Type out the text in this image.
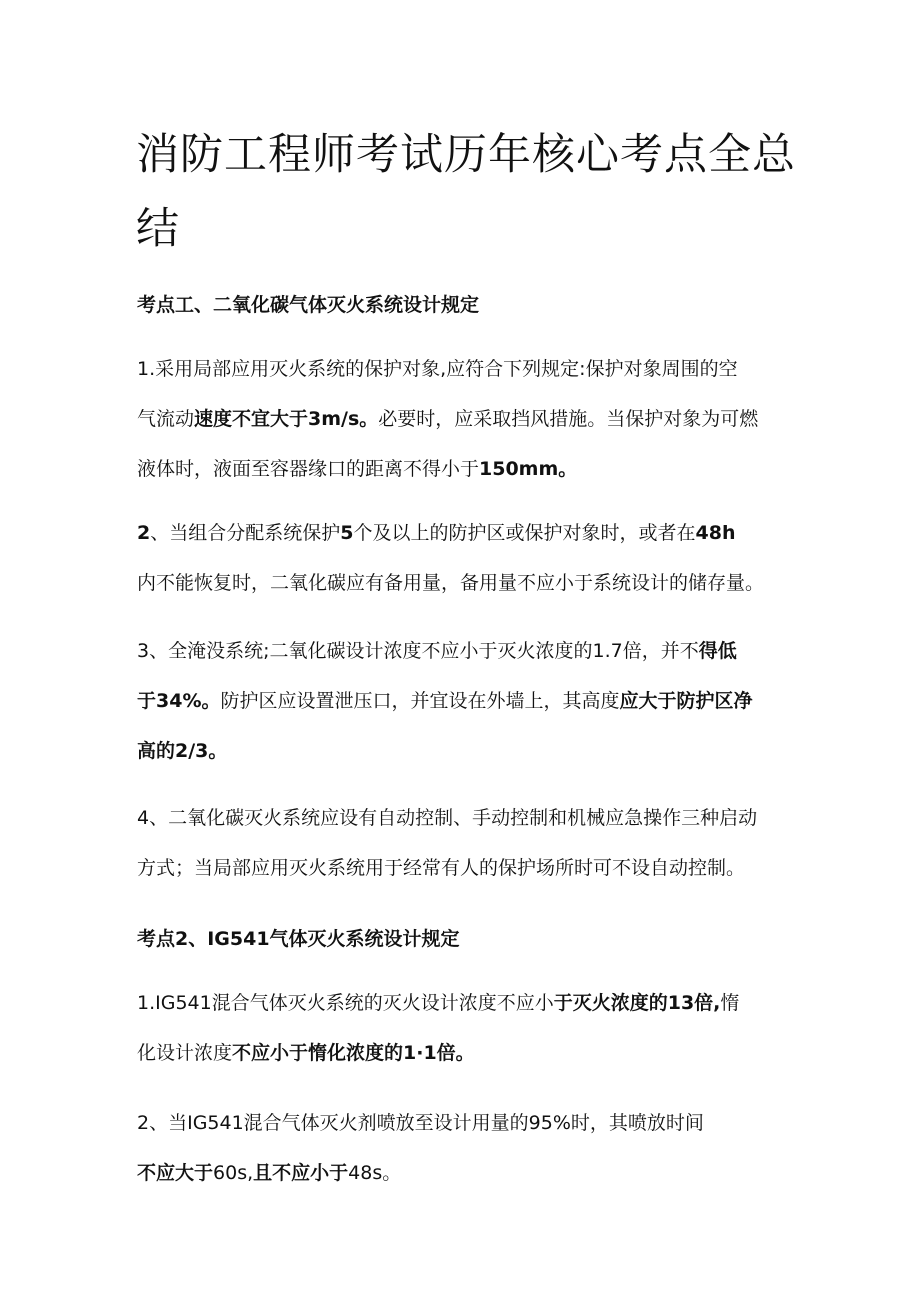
消防工程师考试历年核心考点全总结
考点工、二氧化碳气体灭火系统设计规定

1.采用局部应用灭火系统的保护对象,应符合下列规定:保护对象周围的空
气流动速度不宜大于3m/s。必要时，应采取挡风措施。当保护对象为可燃
液体时，液面至容器缘口的距离不得小于150mm。

2、当组合分配系统保护5个及以上的防护区或保护对象时，或者在48h
内不能恢复时，二氧化碳应有备用量，备用量不应小于系统设计的储存量。

3、全淹没系统;二氧化碳设计浓度不应小于灭火浓度的1.7倍，并不得低
于34%。防护区应设置泄压口，并宜设在外墙上，其高度应大于防护区净
高的2/3。

4、二氧化碳灭火系统应设有自动控制、手动控制和机械应急操作三种启动
方式；当局部应用灭火系统用于经常有人的保护场所时可不设自动控制。

考点2、IG541气体灭火系统设计规定

1.IG541混合气体灭火系统的灭火设计浓度不应小于灭火浓度的13倍,惰
化设计浓度不应小于惰化浓度的1·1倍。

2、当IG541混合气体灭火剂喷放至设计用量的95%时，其喷放时间
不应大于60s,且不应小于48s。
